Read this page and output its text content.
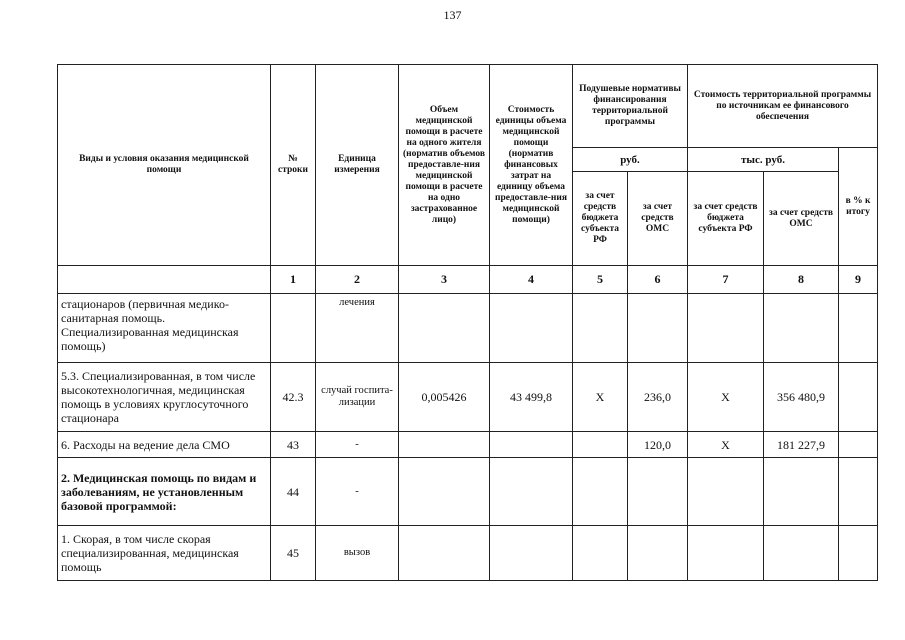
137
Виды и условия оказания медицинской помощи	№ строки	Единица измерения	Объем медицинской помощи в расчете на одного жителя (норматив объемов предоставле-ния медицинской помощи в расчете на одно застрахованное лицо)	Стоимость единицы объема медицинской помощи (норматив финансовых затрат на единицу объема предоставле-ния медицинской помощи)	Подушевые нормативы финансирования территориальной программы		Стоимость территориальной программы по источникам ее финансового обеспечения		
					руб.		тыс. руб.		в % к итогу
					за счет средств бюджета субъекта РФ	за счет средств ОМС	за счет средств бюджета субъекта РФ	за счет средств ОМС	
	1	2	3	4	5	6	7	8	9
стационаров (первичная медико-санитарная помощь. Специализированная медицинская помощь)		лечения							
5.3. Специализированная, в том числе высокотехнологичная, медицинская помощь в условиях круглосуточного стационара	42.3	случай госпита-лизации	0,005426	43 499,8	X	236,0	X	356 480,9	
6. Расходы на ведение дела СМО	43	-				120,0	X	181 227,9	
2. Медицинская помощь по видам и заболеваниям, не установленным базовой программой:	44	-							
1. Скорая, в том числе скорая специализированная, медицинская помощь	45	вызов							
